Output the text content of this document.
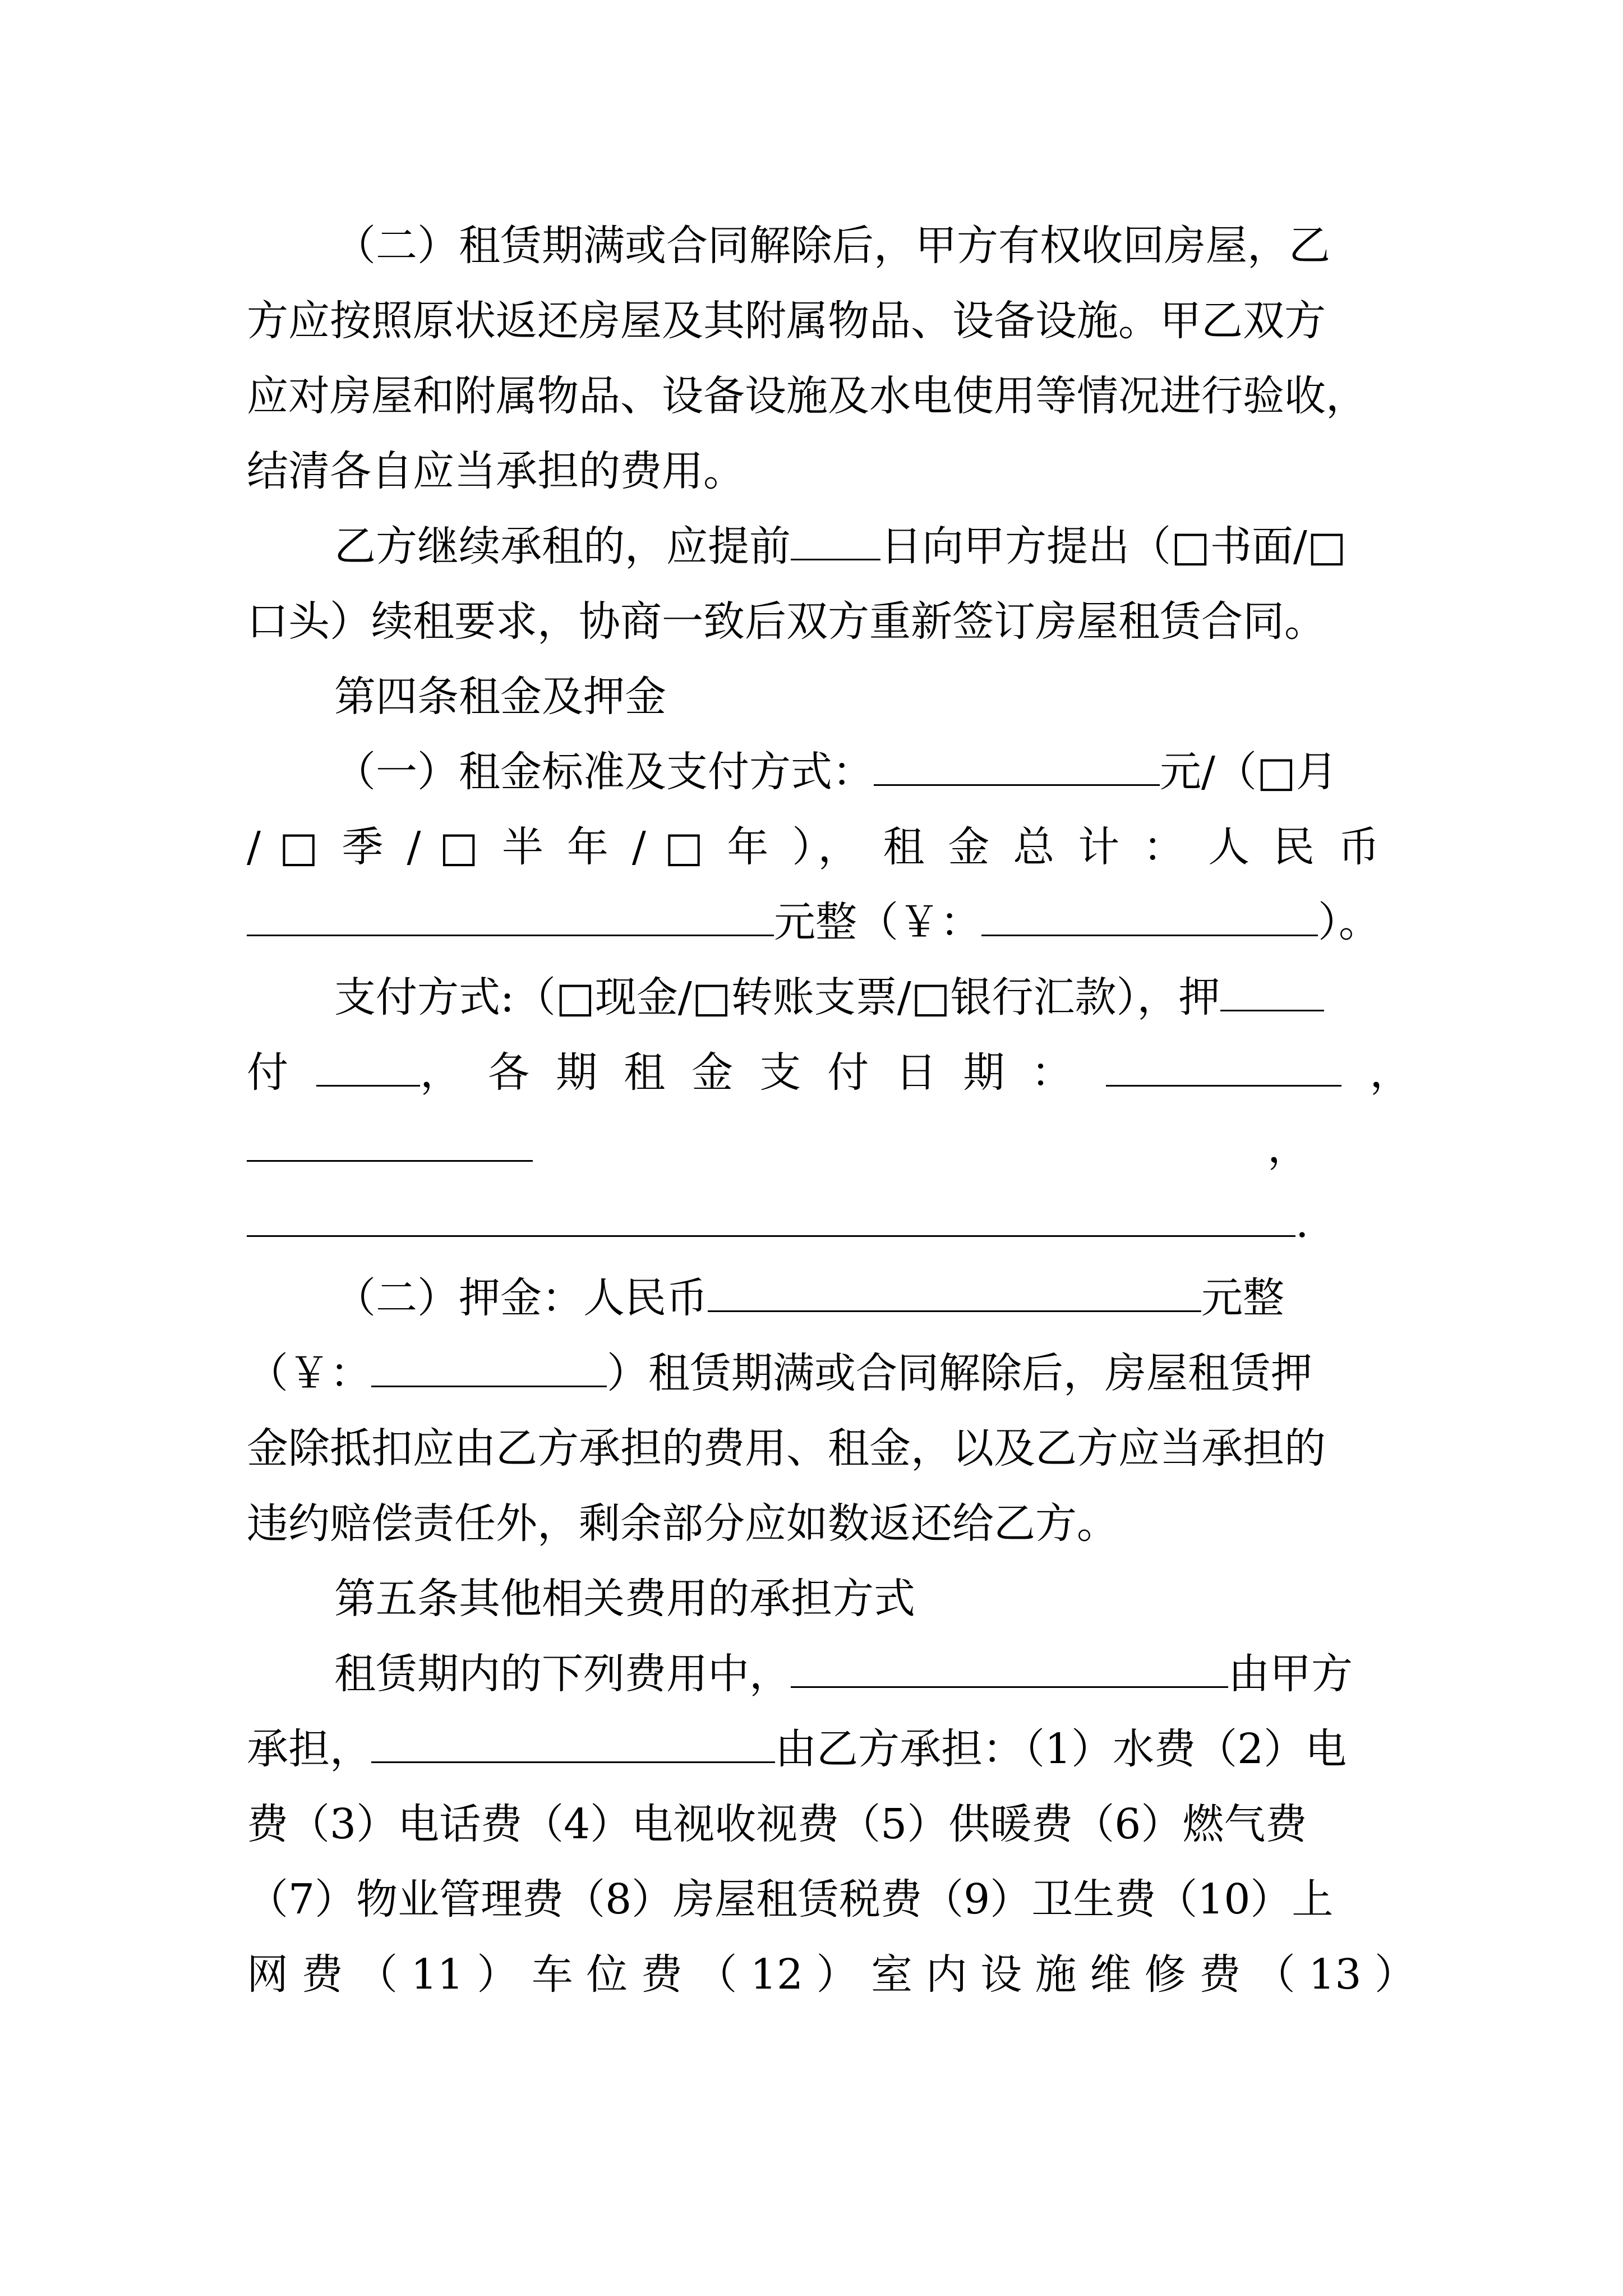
（二）租赁期满或合同解除后，甲方有权收回房屋，乙
方应按照原状返还房屋及其附属物品、设备设施。甲乙双方
应对房屋和附属物品、设备设施及水电使用等情况进行验收，
结清各自应当承担的费用。
乙方继续承租的，应提前 日向甲方提出（□书面/□
口头）续租要求，协商一致后双方重新签订房屋租赁合同。
第四条租金及押金
（一）租金标准及支付方式：	元/（□月
/ □ 季 / □ 半 年 / □ 年 ）， 租 金 总 计 ： 人 民 币
元整（￥：	）。
支付方式:（□现金/□转账支票/□银行汇款），押
付	，  各  期  租  金  支  付  日  期  ：	，
，
.
（二）押金：人民币	元整
（￥：	）租赁期满或合同解除后，房屋租赁押
金除抵扣应由乙方承担的费用、租金，以及乙方应当承担的
违约赔偿责任外，剩余部分应如数返还给乙方。
第五条其他相关费用的承担方式
租赁期内的下列费用中，	由甲方
承担，	由乙方承担：（1）水费（2）电
费（3）电话费（4）电视收视费（5）供暖费（6）燃气费
（7）物业管理费（8）房屋租赁税费（9）卫生费（10）上
网 费 （ 11 ） 车 位 费 （ 12 ） 室 内 设 施 维 修 费 （ 13 ）
